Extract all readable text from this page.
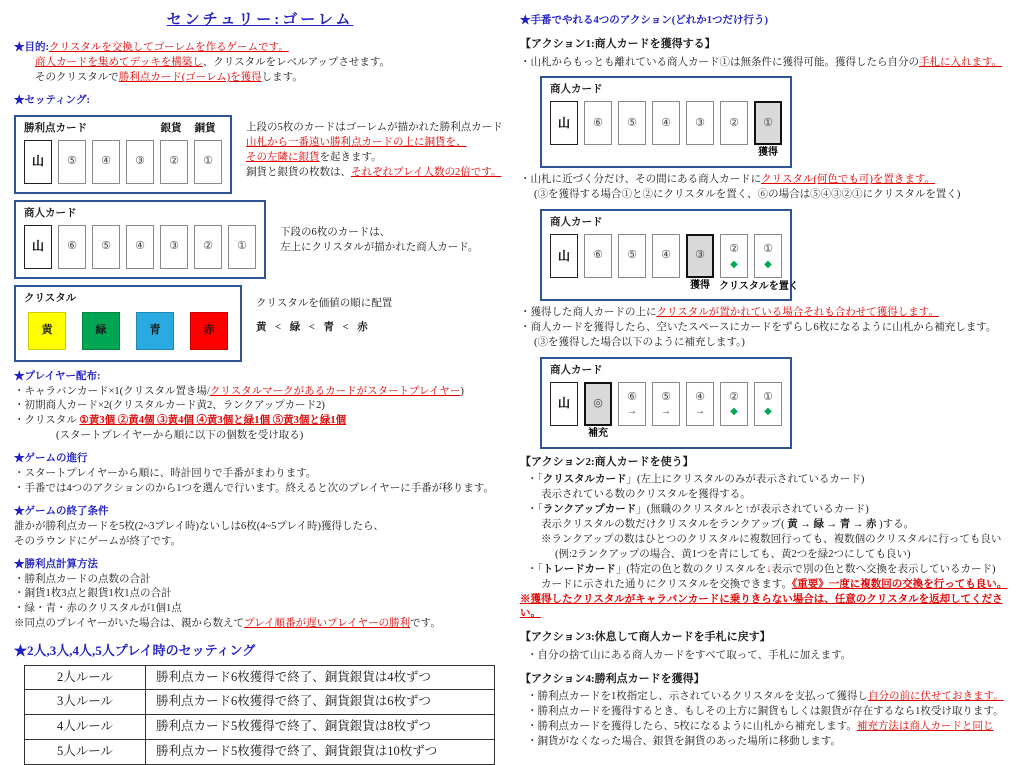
センチュリー:ゴーレム
★目的:クリスタルを交換してゴーレムを作るゲームです。
商人カードを集めてデッキを構築し、クリスタルをレベルアップさせます。
そのクリスタルで勝利点カード(ゴーレム)を獲得します。
★セッティング:
勝利点カード	銀貨	銅貨
山 ⑤ ④ ③ ② ①
上段の5枚のカードはゴーレムが描かれた勝利点カード
山札から一番遠い勝利点カードの上に銅貨を、
その左隣に銀貨を起きます。
銅貨と銀貨の枚数は、それぞれプレイ人数の2倍です。
商人カード
山 ⑥ ⑤ ④ ③ ② ①
下段の6枚のカードは、
左上にクリスタルが描かれた商人カード。
クリスタル
黄	緑	青	赤
クリスタルを価値の順に配置
黄 < 緑 < 青 < 赤
★プレイヤー配布:
・キャラバンカード×1(クリスタル置き場/クリスタルマークがあるカードがスタートプレイヤー)
・初期商人カード×2(クリスタルカード黄2、ランクアップカード2)
・クリスタル ①黄3個 ②黄4個 ③黄4個 ④黄3個と緑1個 ⑤黄3個と緑1個
(スタートプレイヤーから順に以下の個数を受け取る)
★ゲームの進行
・スタートプレイヤーから順に、時計回りで手番がまわります。
・手番では4つのアクションのから1つを選んで行います。終えると次のプレイヤーに手番が移ります。
★ゲームの終了条件
誰かが勝利点カードを5枚(2~3プレイ時)ないしは6枚(4~5プレイ時)獲得したら、
そのラウンドにゲームが終了です。
★勝利点計算方法
・勝利点カードの点数の合計
・銅貨1枚3点と銀貨1枚1点の合計
・緑・青・赤のクリスタルが1個1点
※同点のプレイヤーがいた場合は、親から数えてプレイ順番が遅いプレイヤーの勝利です。
★2人,3人,4人,5人プレイ時のセッティング
2人ルール	勝利点カード6枚獲得で終了、銅貨銀貨は4枚ずつ
3人ルール	勝利点カード6枚獲得で終了、銅貨銀貨は6枚ずつ
4人ルール	勝利点カード5枚獲得で終了、銅貨銀貨は8枚ずつ
5人ルール	勝利点カード5枚獲得で終了、銅貨銀貨は10枚ずつ
★手番でやれる4つのアクション(どれか1つだけ行う)
【アクション1:商人カードを獲得する】
・山札からもっとも離れている商人カード①は無条件に獲得可能。獲得したら自分の手札に入れます。
商人カード
山 ⑥ ⑤ ④ ③ ② ①
獲得
・山札に近づく分だけ、その間にある商人カードにクリスタル(何色でも可)を置きます。
(③を獲得する場合①と②にクリスタルを置く、⑥の場合は⑤④③②①にクリスタルを置く)
商人カード
山 ⑥ ⑤ ④ ③
獲得
②
◆
クリスタルを置く
①
◆
・獲得した商人カードの上にクリスタルが置かれている場合それも合わせて獲得します。
・商人カードを獲得したら、空いたスペースにカードをずらし6枚になるように山札から補充します。
(③を獲得した場合以下のように補充します。)
商人カード
山 ◎
補充
⑥
→
⑤
→
④
→
②
◆
①
◆
【アクション2:商人カードを使う】
・「クリスタルカード」(左上にクリスタルのみが表示されているカード)
表示されている数のクリスタルを獲得する。
・「ランクアップカード」(無職のクリスタルと↑が表示されているカード)
表示クリスタルの数だけクリスタルをランクアップ( 黄 → 緑 → 青 → 赤 )する。
※ランクアップの数はひとつのクリスタルに複数回行っても、複数個のクリスタルに行っても良い
(例:2ランクアップの場合、黄1つを青にしても、黄2つを緑2つにしても良い)
・「トレードカード」(特定の色と数のクリスタルを↓表示で別の色と数へ交換を表示しているカード)
カードに示された通りにクリスタルを交換できます。《重要》一度に複数回の交換を行っても良い。
※獲得したクリスタルがキャラバンカードに乗りきらない場合は、任意のクリスタルを返却してください。
【アクション3:休息して商人カードを手札に戻す】
・自分の捨て山にある商人カードをすべて取って、手札に加えます。
【アクション4:勝利点カードを獲得】
・勝利点カードを1枚指定し、示されているクリスタルを支払って獲得し自分の前に伏せておきます。
・勝利点カードを獲得するとき、もしその上方に銅貨もしくは銀貨が存在するなら1枚受け取ります。
・勝利点カードを獲得したら、5枚になるように山札から補充します。補充方法は商人カードと同じ
・銅貨がなくなった場合、銀貨を銅貨のあった場所に移動します。
